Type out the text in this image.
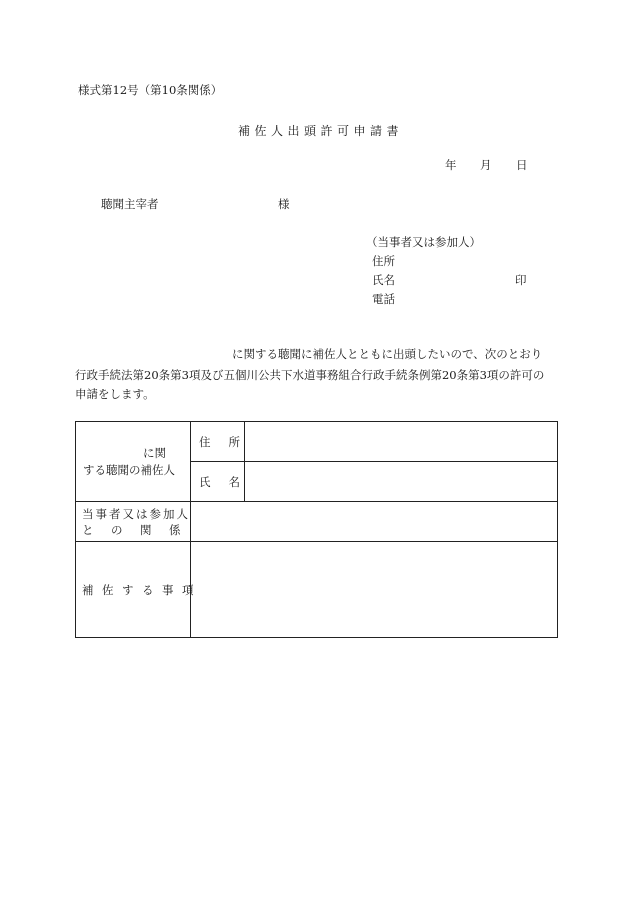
様式第12号（第10条関係）
補佐人出頭許可申請書
年 月 日
聴聞主宰者	様
（当事者又は参加人）
住所
氏名	印
電話
に関する聴聞に補佐人とともに出頭したいので、次のとおり
行政手続法第20条第3項及び五個川公共下水道事務組合行政手続条例第20条第3項の許可の
申請をします。
に関
する聴聞の補佐人	住所	

	氏名	

当事者又は参加人
との関係		

補佐する事項		
